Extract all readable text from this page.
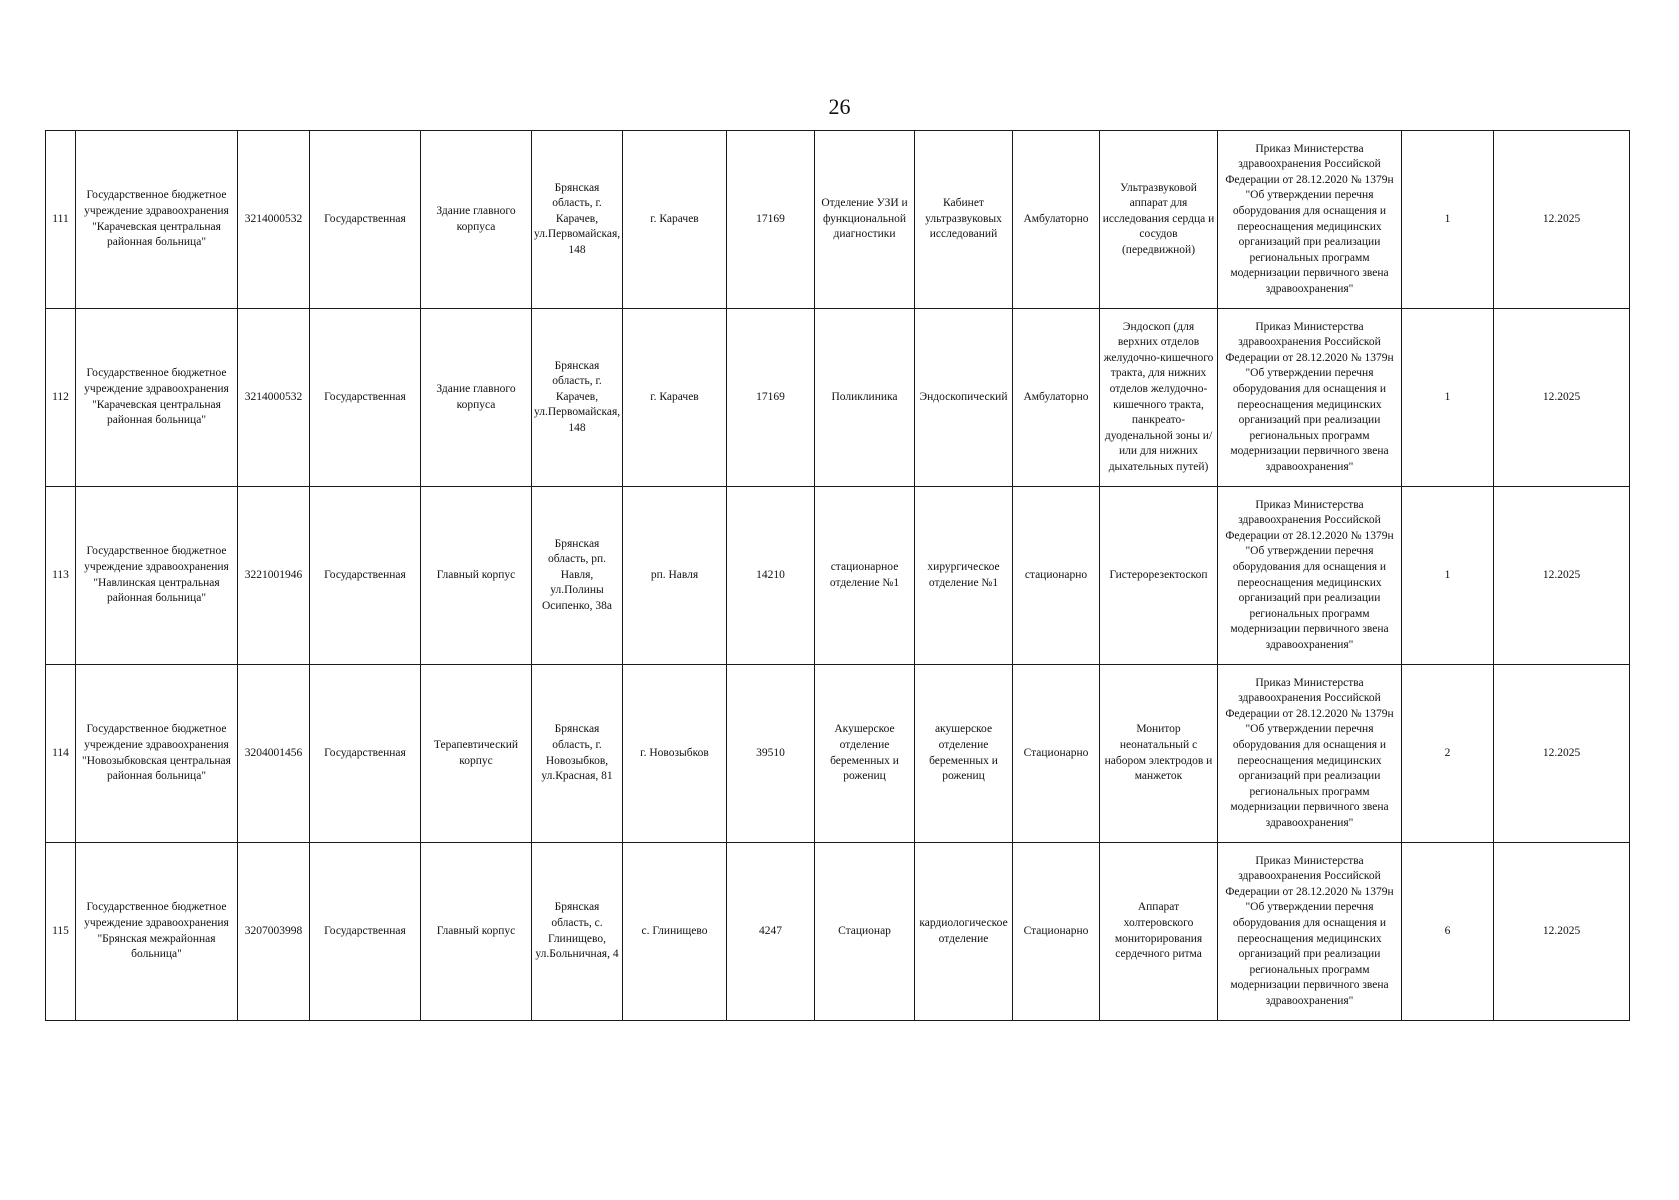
26
111	Государственное бюджетное учреждение здравоохранения "Карачевская центральная районная больница"	3214000532	Государственная	Здание главного корпуса	Брянская область, г. Карачев, ул.Первомайская, 148	г. Карачев	17169	Отделение УЗИ и функциональной диагностики	Кабинет ультразвуковых исследований	Амбулаторно	Ультразвуковой аппарат для исследования сердца и сосудов (передвижной)	Приказ Министерства здравоохранения Российской Федерации от 28.12.2020 № 1379н "Об утверждении перечня оборудования для оснащения и переоснащения медицинских организаций при реализации региональных программ модернизации первичного звена здравоохранения"	1	12.2025
112	Государственное бюджетное учреждение здравоохранения "Карачевская центральная районная больница"	3214000532	Государственная	Здание главного корпуса	Брянская область, г. Карачев, ул.Первомайская, 148	г. Карачев	17169	Поликлиника	Эндоскопический	Амбулаторно	Эндоскоп (для верхних отделов желудочно-кишечного тракта, для нижних отделов желудочно-кишечного тракта, панкреато-дуоденальной зоны и/или для нижних дыхательных путей)	Приказ Министерства здравоохранения Российской Федерации от 28.12.2020 № 1379н "Об утверждении перечня оборудования для оснащения и переоснащения медицинских организаций при реализации региональных программ модернизации первичного звена здравоохранения"	1	12.2025
113	Государственное бюджетное учреждение здравоохранения "Навлинская центральная районная больница"	3221001946	Государственная	Главный корпус	Брянская область, рп. Навля, ул.Полины Осипенко, 38а	рп. Навля	14210	стационарное отделение №1	хирургическое отделение №1	стационарно	Гистерорезектоскоп	Приказ Министерства здравоохранения Российской Федерации от 28.12.2020 № 1379н "Об утверждении перечня оборудования для оснащения и переоснащения медицинских организаций при реализации региональных программ модернизации первичного звена здравоохранения"	1	12.2025
114	Государственное бюджетное учреждение здравоохранения "Новозыбковская центральная районная больница"	3204001456	Государственная	Терапевтический корпус	Брянская область, г. Новозыбков, ул.Красная, 81	г. Новозыбков	39510	Акушерское отделение беременных и рожениц	акушерское отделение беременных и рожениц	Стационарно	Монитор неонатальный с набором электродов и манжеток	Приказ Министерства здравоохранения Российской Федерации от 28.12.2020 № 1379н "Об утверждении перечня оборудования для оснащения и переоснащения медицинских организаций при реализации региональных программ модернизации первичного звена здравоохранения"	2	12.2025
115	Государственное бюджетное учреждение здравоохранения "Брянская межрайонная больница"	3207003998	Государственная	Главный корпус	Брянская область, с. Глинищево, ул.Больничная, 4	с. Глинищево	4247	Стационар	кардиологическое отделение	Стационарно	Аппарат холтеровского мониторирования сердечного ритма	Приказ Министерства здравоохранения Российской Федерации от 28.12.2020 № 1379н "Об утверждении перечня оборудования для оснащения и переоснащения медицинских организаций при реализации региональных программ модернизации первичного звена здравоохранения"	6	12.2025
